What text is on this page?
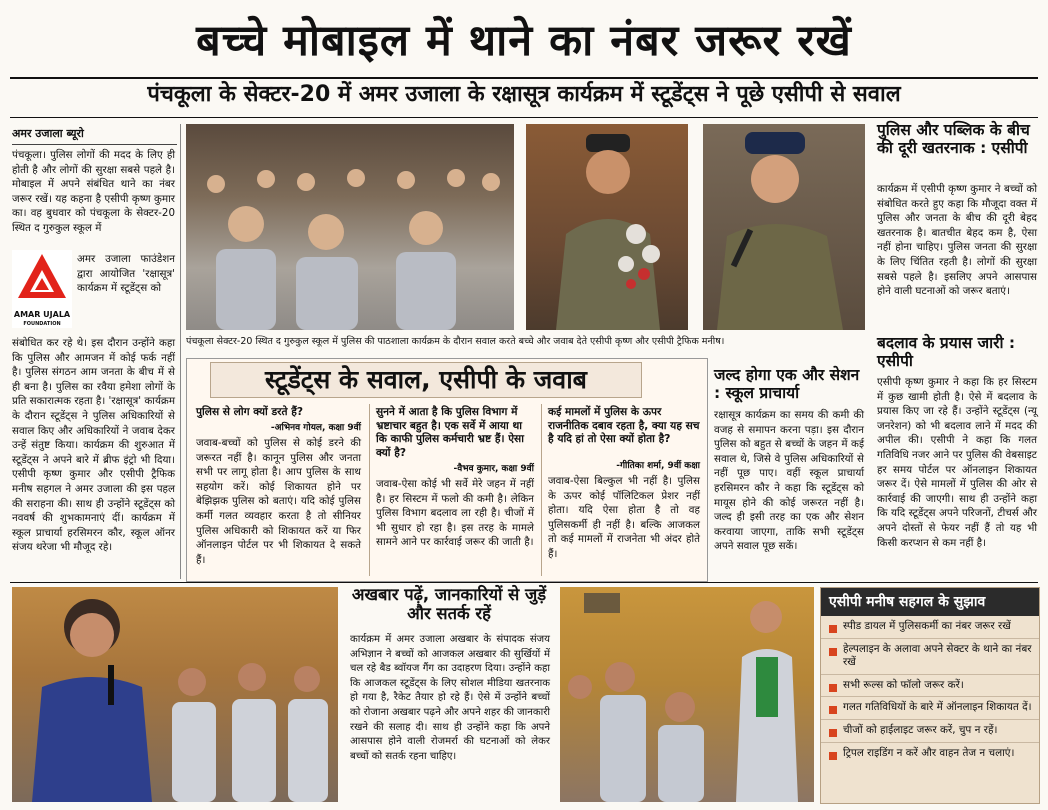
बच्चे मोबाइल में थाने का नंबर जरूर रखें
पंचकूला के सेक्टर-20 में अमर उजाला के रक्षासूत्र कार्यक्रम में स्टूडेंट्स ने पूछे एसीपी से सवाल
अमर उजाला ब्यूरो
पंचकूला। पुलिस लोगों की मदद के लिए ही होती है और लोगों की सुरक्षा सबसे पहले है। मोबाइल में अपने संबंधित थाने का नंबर जरूर रखें। यह कहना है एसीपी कृष्ण कुमार का। वह बुधवार को पंचकूला के सेक्टर-20 स्थित द गुरुकुल स्कूल में
AMAR UJALA
FOUNDATION
अमर उजाला फाउंडेशन द्वारा आयोजित 'रक्षासूत्र' कार्यक्रम में स्टूडेंट्स को
संबोधित कर रहे थे। इस दौरान उन्होंने कहा कि पुलिस और आमजन में कोई फर्क नहीं है। पुलिस संगठन आम जनता के बीच में से ही बना है। पुलिस का रवैया हमेशा लोगों के प्रति सकारात्मक रहता है। 'रक्षासूत्र' कार्यक्रम के दौरान स्टूडेंट्स ने पुलिस अधिकारियों से सवाल किए और अधिकारियों ने जवाब देकर उन्हें संतुष्ट किया। कार्यक्रम की शुरुआत में स्टूडेंट्स ने अपने बारे में ब्रीफ इंट्रो भी दिया। एसीपी कृष्ण कुमार और एसीपी ट्रैफिक मनीष सहगल ने अमर उजाला की इस पहल की सराहना की। साथ ही उन्होंने स्टूडेंट्स को नववर्ष की शुभकामनाएं दीं। कार्यक्रम में स्कूल प्राचार्या हरसिमरन कौर, स्कूल ऑनर संजय थरेजा भी मौजूद रहे।
पंचकूला सेक्टर-20 स्थित द गुरुकुल स्कूल में पुलिस की पाठशाला कार्यक्रम के दौरान सवाल करते बच्चे और जवाब देते एसीपी कृष्ण और एसीपी ट्रैफिक मनीष।
पुलिस और पब्लिक के बीच की दूरी खतरनाक : एसीपी
कार्यक्रम में एसीपी कृष्ण कुमार ने बच्चों को संबोधित करते हुए कहा कि मौजूदा वक्त में पुलिस और जनता के बीच की दूरी बेहद खतरनाक है। बातचीत बेहद कम है, ऐसा नहीं होना चाहिए। पुलिस जनता की सुरक्षा के लिए चिंतित रहती है। लोगों की सुरक्षा सबसे पहले है। इसलिए अपने आसपास होने वाली घटनाओं को जरूर बताएं।
बदलाव के प्रयास जारी : एसीपी
एसीपी कृष्ण कुमार ने कहा कि हर सिस्टम में कुछ खामी होती है। ऐसे में बदलाव के प्रयास किए जा रहे हैं। उन्होंने स्टूडेंट्स (न्यू जनरेशन) को भी बदलाव लाने में मदद की अपील की। एसीपी ने कहा कि गलत गतिविधि नजर आने पर पुलिस की वेबसाइट हर समय पोर्टल पर ऑनलाइन शिकायत जरूर दें। ऐसे मामलों में पुलिस की ओर से कार्रवाई की जाएगी। साथ ही उन्होंने कहा कि यदि स्टूडेंट्स अपने परिजनों, टीचर्स और अपने दोस्तों से फेयर नहीं हैं तो यह भी किसी करप्शन से कम नहीं है।
स्टूडेंट्स के सवाल, एसीपी के जवाब
पुलिस से लोग क्यों डरते हैं?
-अभिनव गोयल, कक्षा 9वीं
जवाब-बच्चों को पुलिस से कोई डरने की जरूरत नहीं है। कानून पुलिस और जनता सभी पर लागू होता है। आप पुलिस के साथ सहयोग करें। कोई शिकायत होने पर बेझिझक पुलिस को बताएं। यदि कोई पुलिस कर्मी गलत व्यवहार करता है तो सीनियर पुलिस अधिकारी को शिकायत करें या फिर ऑनलाइन पोर्टल पर भी शिकायत दे सकते हैं।
सुनने में आता है कि पुलिस विभाग में भ्रष्टाचार बहुत है। एक सर्वे में आया था कि काफी पुलिस कर्मचारी भ्रष्ट हैं। ऐसा क्यों है?
-वैभव कुमार, कक्षा 9वीं
जवाब-ऐसा कोई भी सर्वे मेरे जहन में नहीं है। हर सिस्टम में फलो की कमी है। लेकिन पुलिस विभाग बदलाव ला रही है। चीजों में भी सुधार हो रहा है। इस तरह के मामले सामने आने पर कार्रवाई जरूर की जाती है।
कई मामलों में पुलिस के ऊपर राजनीतिक दबाव रहता है, क्या यह सच है यदि हां तो ऐसा क्यों होता है?
-गीतिका शर्मा, 9वीं कक्षा
जवाब-ऐसा बिल्कुल भी नहीं है। पुलिस के ऊपर कोई पॉलिटिकल प्रेशर नहीं होता। यदि ऐसा होता है तो वह पुलिसकर्मी ही नहीं है। बल्कि आजकल तो कई मामलों में राजनेता भी अंदर होते हैं।
जल्द होगा एक और सेशन : स्कूल प्राचार्या
रक्षासूत्र कार्यक्रम का समय की कमी की वजह से समापन करना पड़ा। इस दौरान पुलिस को बहुत से बच्चों के जहन में कई सवाल थे, जिसे वे पुलिस अधिकारियों से नहीं पूछ पाए। वहीं स्कूल प्राचार्या हरसिमरन कौर ने कहा कि स्टूडेंट्स को मायूस होने की कोई जरूरत नहीं है। जल्द ही इसी तरह का एक और सेशन करवाया जाएगा, ताकि सभी स्टूडेंट्स अपने सवाल पूछ सकें।
अखबार पढ़ें, जानकारियों से जुड़ें और सतर्क रहें
कार्यक्रम में अमर उजाला अखबार के संपादक संजय अभिज्ञान ने बच्चों को आजकल अखबार की सुर्खियों में चल रहे बैड ब्वॉयज गैंग का उदाहरण दिया। उन्होंने कहा कि आजकल स्टूडेंट्स के लिए सोशल मीडिया खतरनाक हो गया है, रैकेट तैयार हो रहे हैं। ऐसे में उन्होंने बच्चों को रोजाना अखबार पढ़ने और अपने शहर की जानकारी रखने की सलाह दी। साथ ही उन्होंने कहा कि अपने आसपास होने वाली रोजमर्रा की घटनाओं को लेकर बच्चों को सतर्क रहना चाहिए।
एसीपी मनीष सहगल के सुझाव
स्पीड डायल में पुलिसकर्मी का नंबर जरूर रखें
हेल्पलाइन के अलावा अपने सेक्टर के थाने का नंबर रखें
सभी रूल्स को फॉलो जरूर करें।
गलत गतिविधियों के बारे में ऑनलाइन शिकायत दें।
चीजों को हाईलाइट जरूर करें, चुप न रहें।
ट्रिपल राइडिंग न करें और वाहन तेज न चलाएं।
